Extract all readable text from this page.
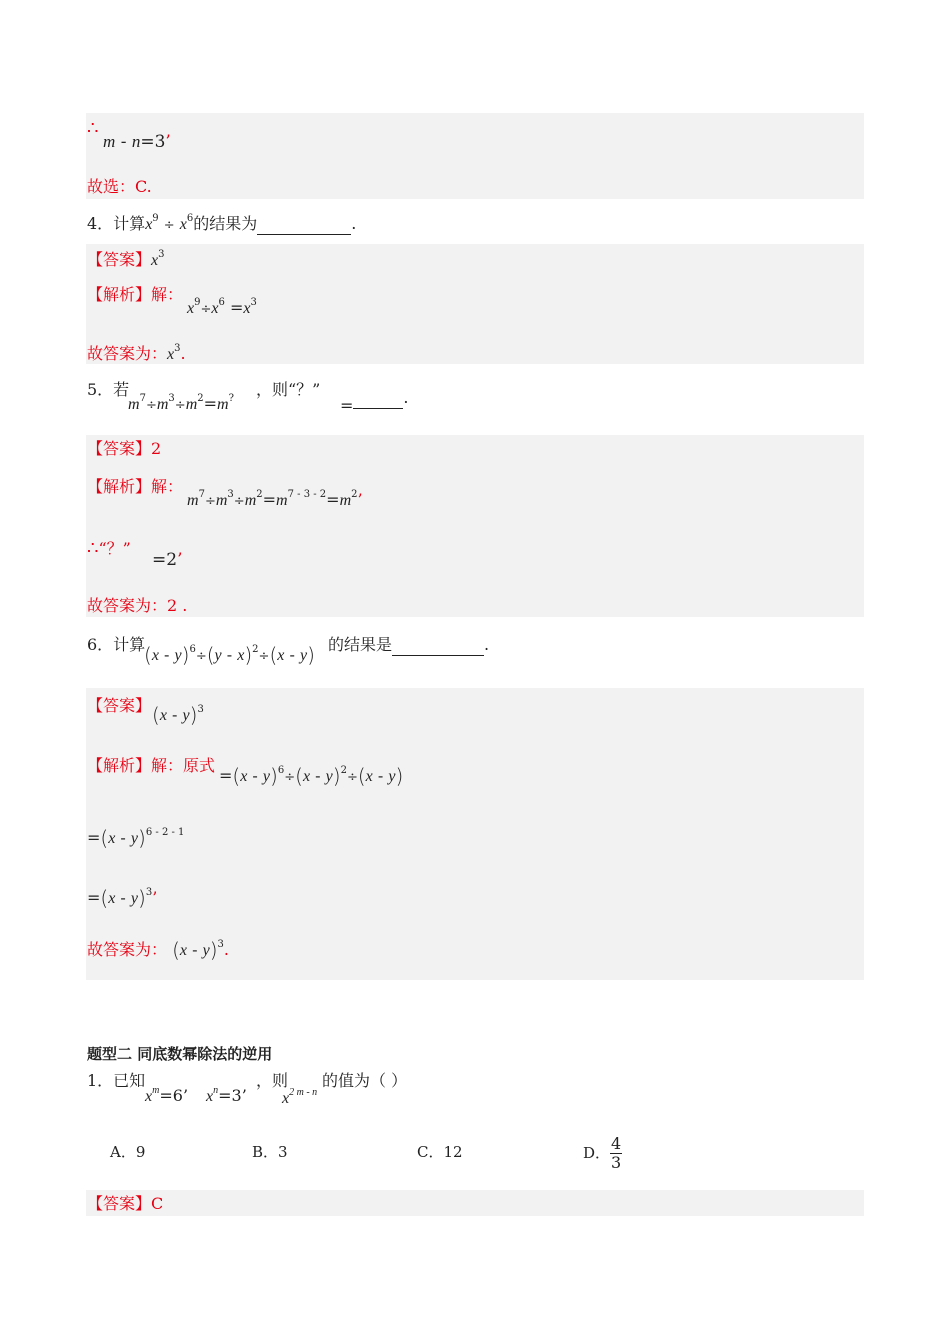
∴
m - n=3’
故选：C.
4．计算$x^9 \div x^6$的结果为	.
【答案】$x^3$
【解析】解：
$x^9\div x^6 =x^3$
故答案为：$x^3$.
5．若
$m^7\div m^3\div m^2=m^?$ ，则“？”
=	.
【答案】2
【解析】解：
$m^7\div m^3\div m^2=m^{7 - 3 - 2}=m^2$’
∴“？”
=2’
故答案为：2 .
6．计算
(x - y)$^6$÷(y - x)$^2$÷(x - y) 的结果是	.
【答案】 (x - y)$^3$
【解析】解：原式
=(x - y)$^6$÷(x - y)$^2$÷(x - y)
=(x - y)$^{6 - 2 - 1}$
=(x - y)$^3$’
故答案为： (x - y)$^3$.
题型二 同底数幂除法的逆用
1．已知
$x^m=6$’ $x^n=3$’
，则
$x^{2 m - n}$
的值为（ ）
A．9	B．3	C．12	D． $\frac{4}{3}$
【答案】C
